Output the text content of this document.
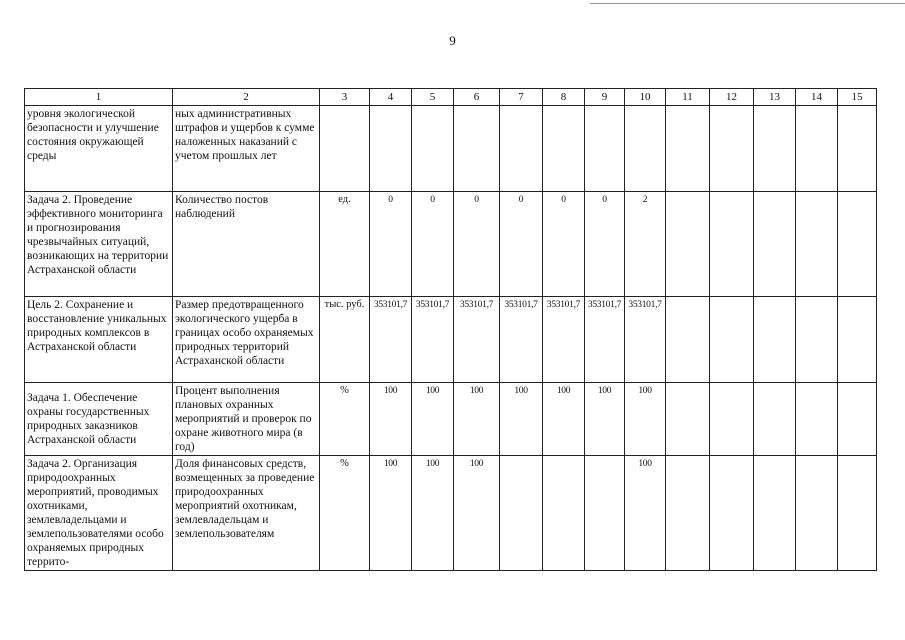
9
1	2	3	4	5	6	7	8	9	10	11	12	13	14	15
уровня экологической безопасности и улучшение состояния окружающей среды	ных административных штрафов и ущербов к сумме наложенных наказаний с учетом прошлых лет													
Задача 2. Проведение эффективного мониторинга и прогнозирования чрезвычайных ситуаций, возникающих на территории Астраханской области	Количество постов наблюдений	ед.	0	0	0	0	0	0	2					
Цель 2. Сохранение и восстановление уникальных природных комплексов в Астраханской области	Размер предотвращенного экологического ущерба в границах особо охраняемых природных территорий Астраханской области	тыс. руб.	353101,7	353101,7	353101,7	353101,7	353101,7	353101,7	353101,7					
Задача 1. Обеспечение охраны государственных природных заказников Астраханской области	Процент выполнения плановых охранных мероприятий и проверок по охране животного мира (в год)	%	100	100	100	100	100	100	100					
Задача 2. Организация природоохранных мероприятий, проводимых охотниками, землевладельцами и землепользователями особо охраняемых природных террито-	Доля финансовых средств, возмещенных за проведение природоохранных мероприятий охотникам, землевладельцам и землепользователям	%	100	100	100				100					
